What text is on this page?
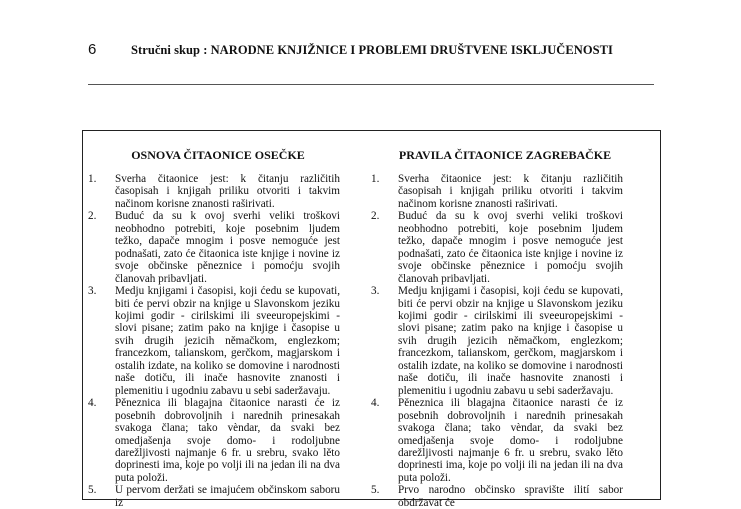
6	Stručni skup : NARODNE KNJIŽNICE I PROBLEMI DRUŠTVENE ISKLJUČENOSTI
OSNOVA ČITAONICE OSEČKE
1. Sverha čitaonice jest: k čitanju različitih časopisah i knjigah priliku otvoriti i takvim načinom korisne znanosti raširivati.
2. Buduć da su k ovoj sverhi veliki troškovi neobhodno potrebiti, koje posebnim ljudem težko, dapače mnogim i posve nemoguće jest podnašati, zato će čitaonica iste knjige i novine iz svoje občinske pěneznice i pomoćju svojih članovah pribavljati.
3. Medju knjigami i časopisi, koji ćedu se kupovati, biti će pervi obzir na knjige u Slavonskom jeziku kojimi godir - cirilskimi ili sveeuropejskimi - slovi pisane; zatim pako na knjige i časopise u svih drugih jezicih němačkom, englezkom; francezkom, talianskom, gerčkom, magjarskom i ostalih izdate, na koliko se domovine i narodnosti naše dotiču, ili inače hasnovite znanosti i plemenitiu i ugodniu zabavu u sebi saderžavaju.
4. Pěneznica ili blagajna čitaonice narasti će iz posebnih dobrovoljnih i narednih prinesakah svakoga člana; tako vèndar, da svaki bez omedjašenja svoje domo- i rodoljubne darežljivosti najmanje 6 fr. u srebru, svako lěto doprinesti ima, koje po volji ili na jedan ili na dva puta položi.
5. U pervom deržati se imajućem občinskom saboru iz
PRAVILA ČITAONICE ZAGREBAČKE
1. Sverha čitaonice jest: k čitanju različitih časopisah i knjigah priliku otvoriti i takvim načinom korisne znanosti raširivati.
2. Buduć da su k ovoj sverhi veliki troškovi neobhodno potrebiti, koje posebnim ljudem težko, dapače mnogim i posve nemoguće jest podnašati, zato će čitaonica iste knjige i novine iz svoje občinske pěneznice i pomoćju svojih članovah pribavljati.
3. Medju knjigami i časopisi, koji ćedu se kupovati, biti će pervi obzir na knjige u Slavonskom jeziku kojimi godir - cirilskimi ili sveeuropejskimi - slovi pisane; zatim pako na knjige i časopise u svih drugih jezicih němačkom, englezkom; francezkom, talianskom, gerčkom, magjarskom i ostalih izdate, na koliko se domovine i narodnosti naše dotiču, ili inače hasnovite znanosti i plemenitiu i ugodniu zabavu u sebi saderžavaju.
4. Pěneznica ili blagajna čitaonice narasti će iz posebnih dobrovoljnih i narednih prinesakah svakoga člana; tako vèndar, da svaki bez omedjašenja svoje domo- i rodoljubne darežljivosti najmanje 6 fr. u srebru, svako lěto doprinesti ima, koje po volji ili na jedan ili na dva puta položi.
5. Prvo narodno občinsko spravište ilití sabor obdržavat će
